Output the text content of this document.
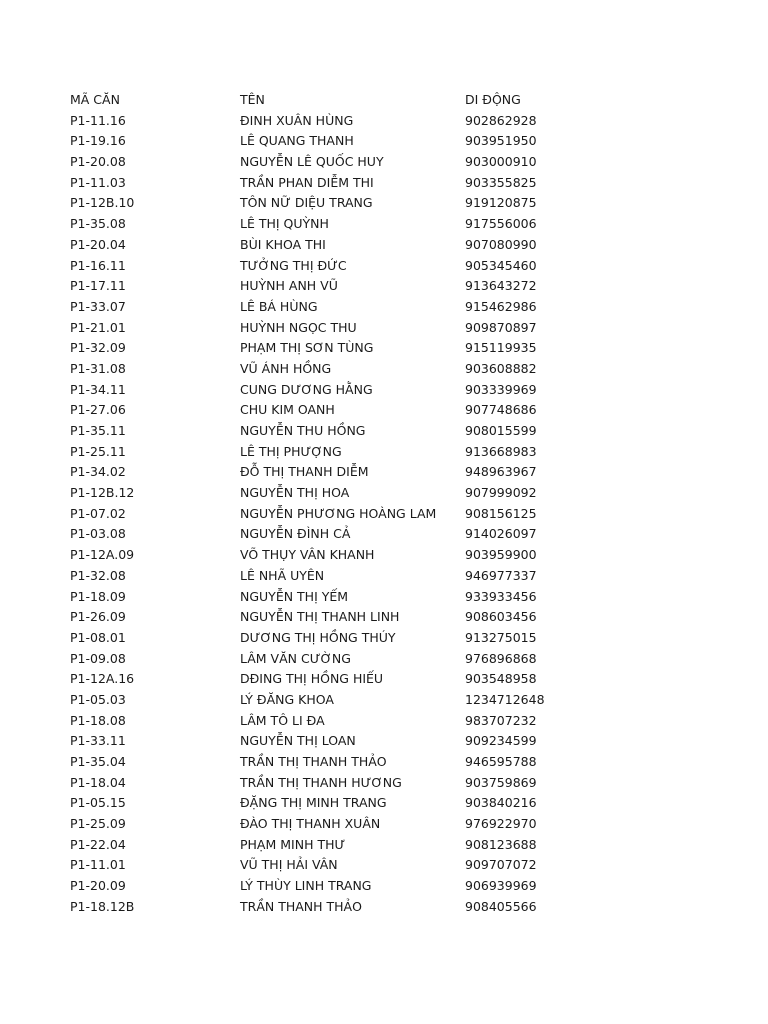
MÃ CĂN	TÊN	DI ĐỘNG
P1-11.16	ĐINH XUÂN HÙNG	902862928
P1-19.16	LÊ QUANG THANH	903951950
P1-20.08	NGUYỄN LÊ QUỐC HUY	903000910
P1-11.03	TRẦN PHAN DIỄM THI	903355825
P1-12B.10	TÔN NỮ DIỆU TRANG	919120875
P1-35.08	LÊ THỊ QUỲNH	917556006
P1-20.04	BÙI KHOA THI	907080990
P1-16.11	TƯỞNG THỊ ĐỨC	905345460
P1-17.11	HUỲNH ANH VŨ	913643272
P1-33.07	LÊ BÁ HÙNG	915462986
P1-21.01	HUỲNH NGỌC THU	909870897
P1-32.09	PHẠM THỊ SƠN TÙNG	915119935
P1-31.08	VŨ ÁNH HỒNG	903608882
P1-34.11	CUNG DƯƠNG HẰNG	903339969
P1-27.06	CHU KIM OANH	907748686
P1-35.11	NGUYỄN THU HỒNG	908015599
P1-25.11	LÊ THỊ PHƯỢNG	913668983
P1-34.02	ĐỖ THỊ THANH DIỄM	948963967
P1-12B.12	NGUYỄN THỊ HOA	907999092
P1-07.02	NGUYỄN PHƯƠNG HOÀNG LAM 908156125
P1-03.08	NGUYỄN ĐÌNH CẢ	914026097
P1-12A.09	VÕ THỤY VÂN KHANH	903959900
P1-32.08	LÊ NHÃ UYÊN	946977337
P1-18.09	NGUYỄN THỊ YẾM	933933456
P1-26.09	NGUYỄN THỊ THANH LINH	908603456
P1-08.01	DƯƠNG THỊ HỒNG THÚY	913275015
P1-09.08	LÂM VĂN CƯỜNG	976896868
P1-12A.16	DĐING THỊ HỒNG HIẾU	903548958
P1-05.03	LÝ ĐĂNG KHOA	1234712648
P1-18.08	LÂM TÔ LI ĐA	983707232
P1-33.11	NGUYỄN THỊ LOAN	909234599
P1-35.04	TRẦN THỊ THANH THẢO	946595788
P1-18.04	TRẦN THỊ THANH HƯƠNG	903759869
P1-05.15	ĐẶNG THỊ MINH TRANG	903840216
P1-25.09	ĐÀO THỊ THANH XUÂN	976922970
P1-22.04	PHẠM MINH THƯ	908123688
P1-11.01	VŨ THỊ HẢI VÂN	909707072
P1-20.09	LÝ THÙY LINH TRANG	906939969
P1-18.12B	TRẦN THANH THẢO	908405566
